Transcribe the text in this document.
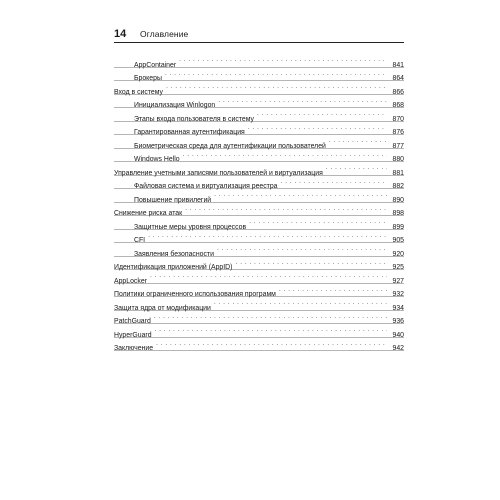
14	Оглавление
AppContainer . . .	841
Брокеры . . .	864
Вход в систему . . .	866
Инициализация Winlogon . . .	868
Этапы входа пользователя в систему . . .	870
Гарантированная аутентификация . . .	876
Биометрическая среда для аутентификации пользователей . . .	877
Windows Hello . . .	880
Управление учетными записями пользователей и виртуализация . . .	881
Файловая система и виртуализация реестра . . .	882
Повышение привилегий . . .	890
Снижение риска атак . . .	898
Защитные меры уровня процессов . . .	899
CFI . . .	905
Заявления безопасности . . .	920
Идентификация приложений (AppID) . . .	925
AppLocker . . .	927
Политики ограниченного использования программ . . .	932
Защита ядра от модификации . . .	934
PatchGuard . . .	936
HyperGuard . . .	940
Заключение . . .	942
